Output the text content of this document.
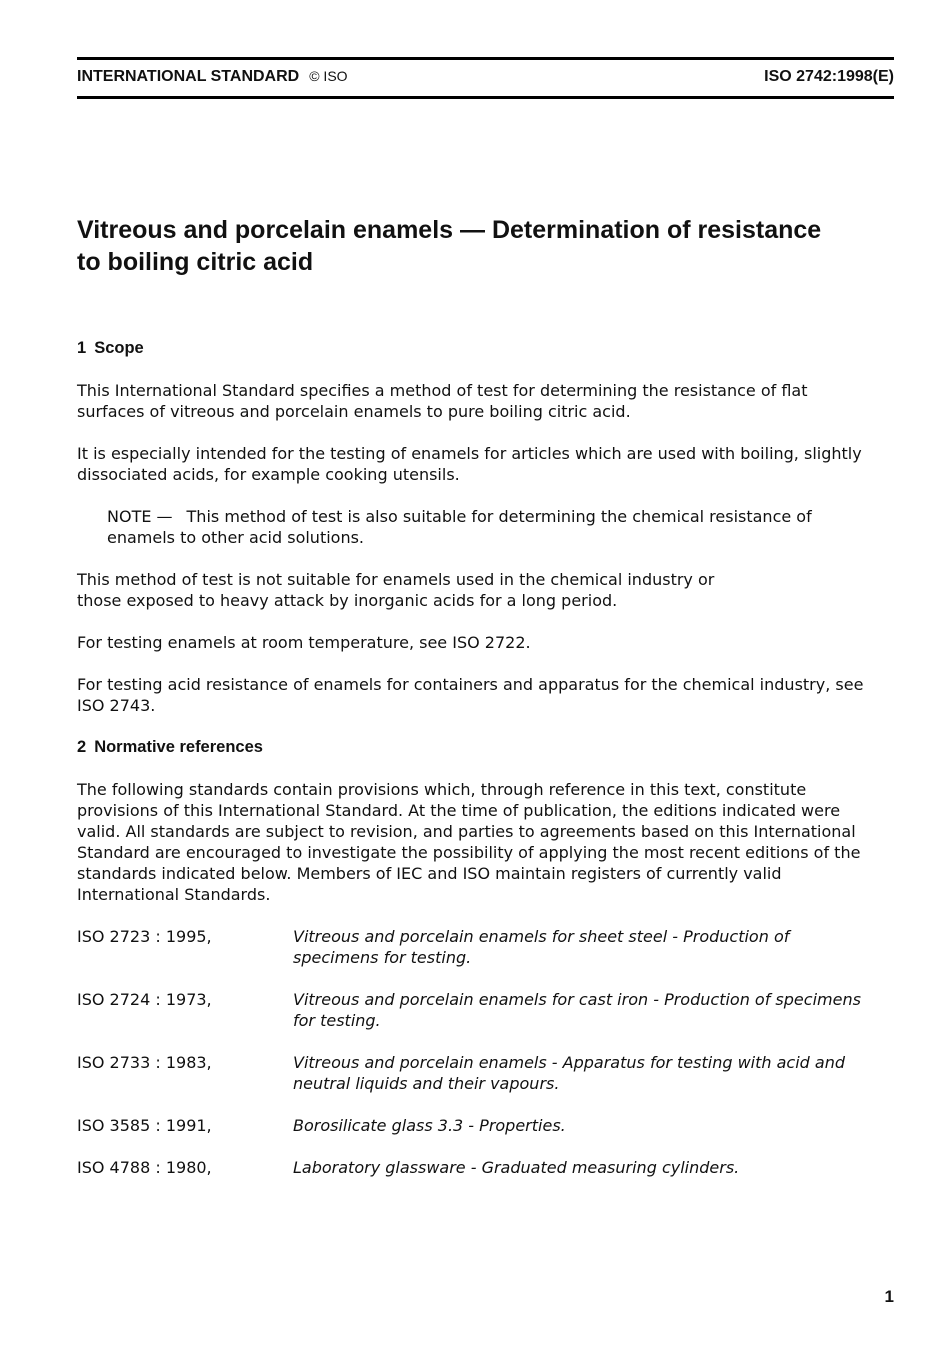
INTERNATIONAL STANDARD © ISO	ISO 2742:1998(E)
Vitreous and porcelain enamels — Determination of resistance
to boiling citric acid
1 Scope
This International Standard specifies a method of test for determining the resistance of flat
surfaces of vitreous and porcelain enamels to pure boiling citric acid.
It is especially intended for the testing of enamels for articles which are used with boiling, slightly
dissociated acids, for example cooking utensils.
NOTE — This method of test is also suitable for determining the chemical resistance of
enamels to other acid solutions.
This method of test is not suitable for enamels used in the chemical industry or
those exposed to heavy attack by inorganic acids for a long period.
For testing enamels at room temperature, see ISO 2722.
For testing acid resistance of enamels for containers and apparatus for the chemical industry, see
ISO 2743.
2 Normative references
The following standards contain provisions which, through reference in this text, constitute
provisions of this International Standard. At the time of publication, the editions indicated were
valid. All standards are subject to revision, and parties to agreements based on this International
Standard are encouraged to investigate the possibility of applying the most recent editions of the
standards indicated below. Members of IEC and ISO maintain registers of currently valid
International Standards.
ISO 2723 : 1995,	Vitreous and porcelain enamels for sheet steel - Production of
specimens for testing.
ISO 2724 : 1973,	Vitreous and porcelain enamels for cast iron - Production of specimens
for testing.
ISO 2733 : 1983,	Vitreous and porcelain enamels - Apparatus for testing with acid and
neutral liquids and their vapours.
ISO 3585 : 1991,	Borosilicate glass 3.3 - Properties.
ISO 4788 : 1980,	Laboratory glassware - Graduated measuring cylinders.
1
